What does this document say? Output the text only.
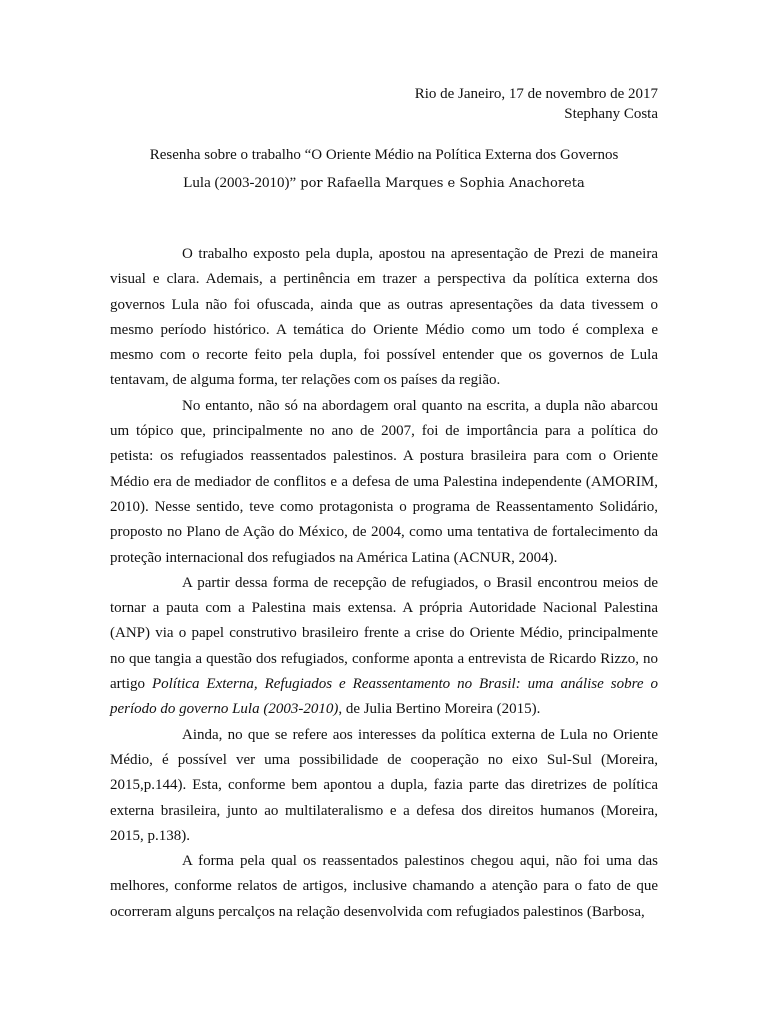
Rio de Janeiro, 17 de novembro de 2017
Stephany Costa
Resenha sobre o trabalho “O Oriente Médio na Política Externa dos Governos
Lula (2003-2010)” por Rafaella Marques e Sophia Anachoreta

O trabalho exposto pela dupla, apostou na apresentação de Prezi de maneira visual e clara. Ademais, a pertinência em trazer a perspectiva da política externa dos governos Lula não foi ofuscada, ainda que as outras apresentações da data tivessem o mesmo período histórico. A temática do Oriente Médio como um todo é complexa e mesmo com o recorte feito pela dupla, foi possível entender que os governos de Lula tentavam, de alguma forma, ter relações com os países da região.

No entanto, não só na abordagem oral quanto na escrita, a dupla não abarcou um tópico que, principalmente no ano de 2007, foi de importância para a política do petista: os refugiados reassentados palestinos. A postura brasileira para com o Oriente Médio era de mediador de conflitos e a defesa de uma Palestina independente (AMORIM, 2010). Nesse sentido, teve como protagonista o programa de Reassentamento Solidário, proposto no Plano de Ação do México, de 2004, como uma tentativa de fortalecimento da proteção internacional dos refugiados na América Latina (ACNUR, 2004).

A partir dessa forma de recepção de refugiados, o Brasil encontrou meios de tornar a pauta com a Palestina mais extensa. A própria Autoridade Nacional Palestina (ANP) via o papel construtivo brasileiro frente a crise do Oriente Médio, principalmente no que tangia a questão dos refugiados, conforme aponta a entrevista de Ricardo Rizzo, no artigo Política Externa, Refugiados e Reassentamento no Brasil: uma análise sobre o período do governo Lula (2003-2010), de Julia Bertino Moreira (2015).

Ainda, no que se refere aos interesses da política externa de Lula no Oriente Médio, é possível ver uma possibilidade de cooperação no eixo Sul-Sul (Moreira, 2015,p.144). Esta, conforme bem apontou a dupla, fazia parte das diretrizes de política externa brasileira, junto ao multilateralismo e a defesa dos direitos humanos (Moreira, 2015, p.138).

A forma pela qual os reassentados palestinos chegou aqui, não foi uma das melhores, conforme relatos de artigos, inclusive chamando a atenção para o fato de que ocorreram alguns percalços na relação desenvolvida com refugiados palestinos (Barbosa,
